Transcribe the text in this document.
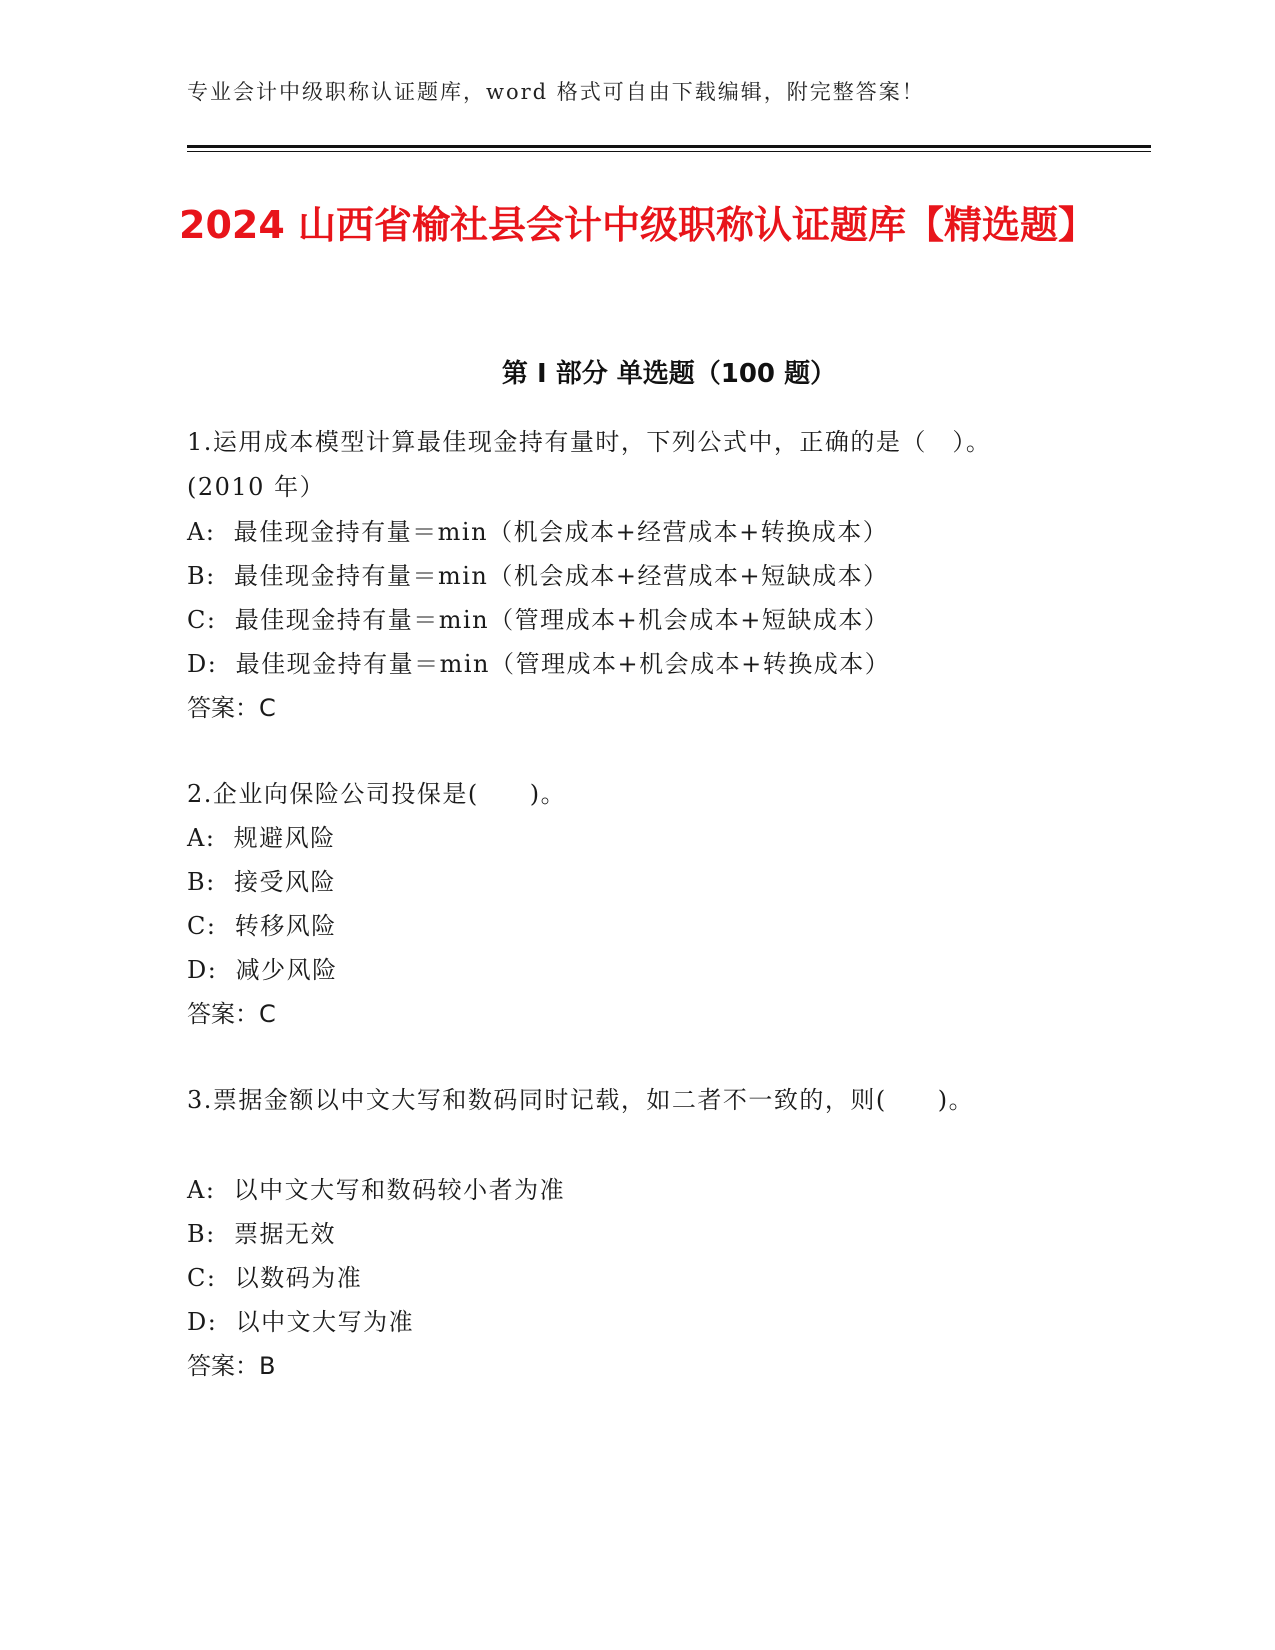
专业会计中级职称认证题库，word 格式可自由下载编辑，附完整答案！
2024 山西省榆社县会计中级职称认证题库【精选题】
第 I 部分 单选题（100 题）
1.运用成本模型计算最佳现金持有量时，下列公式中，正确的是（　）。(2010 年）
A:  最佳现金持有量＝min（机会成本+经营成本+转换成本）
B:  最佳现金持有量＝min（机会成本+经营成本+短缺成本）
C:  最佳现金持有量＝min（管理成本+机会成本+短缺成本）
D:  最佳现金持有量＝min（管理成本+机会成本+转换成本）
答案：C
2.企业向保险公司投保是(　　)。
A:  规避风险
B:  接受风险
C:  转移风险
D:  减少风险
答案：C
3.票据金额以中文大写和数码同时记载，如二者不一致的，则(　　)。
A:  以中文大写和数码较小者为准
B:  票据无效
C:  以数码为准
D:  以中文大写为准
答案：B
